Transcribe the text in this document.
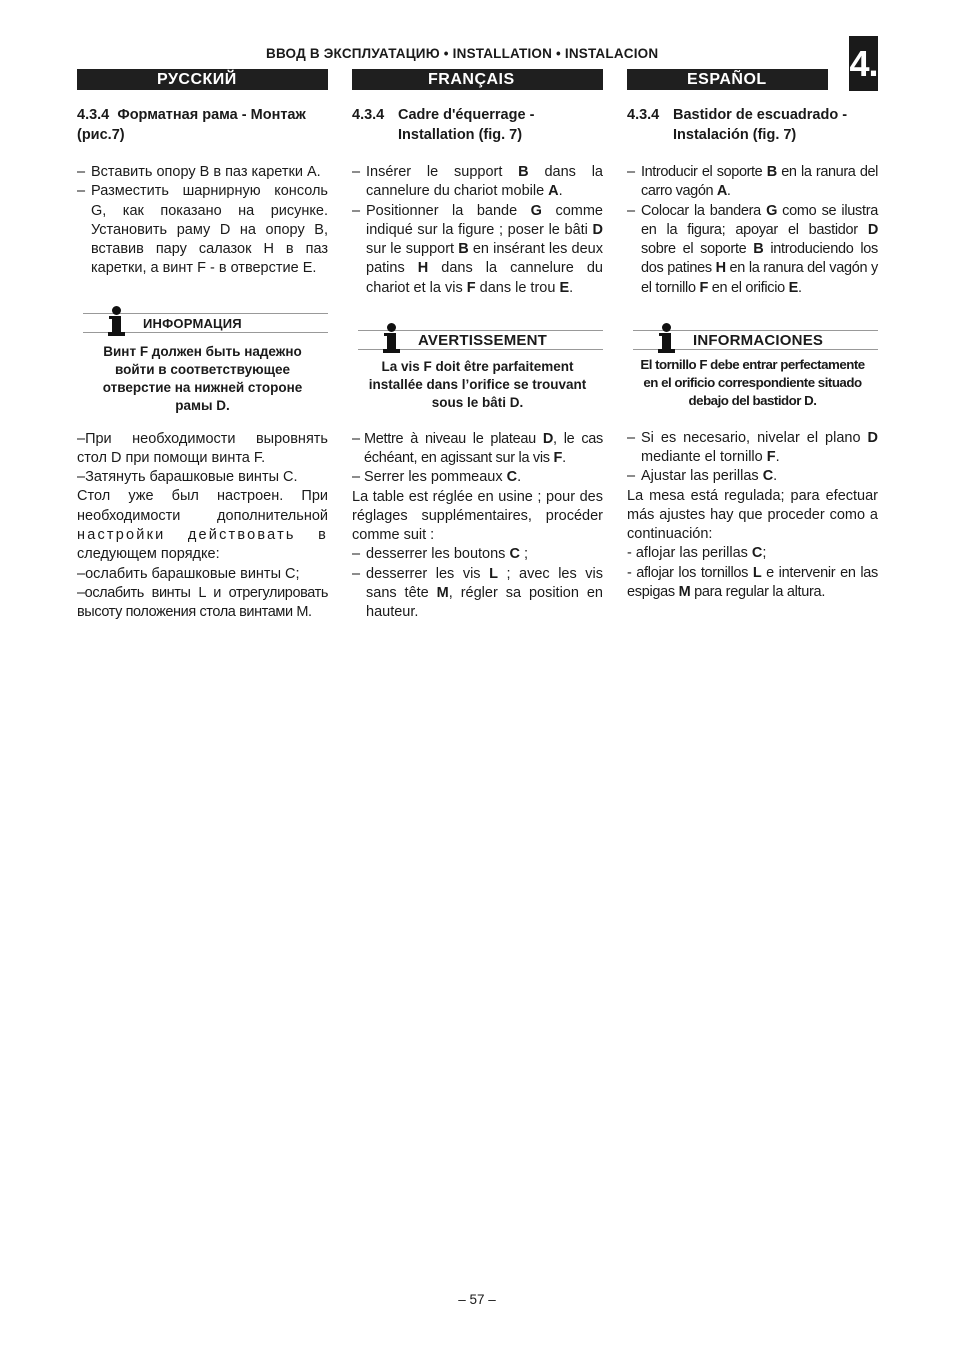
ВВОД В ЭКСПЛУАТАЦИЮ • INSTALLATION • INSTALACION	4.
РУССКИЙ
4.3.4 Форматная рама - Монтаж (рис.7)
– Вставить опору В в паз каретки А.
– Разместить шарнирную консоль G, как показано на рисунке. Установить раму D на опору B, вставив пару салазок Н в паз каретки, а винт F - в отверстие E.
ИНФОРМАЦИЯ
Винт F должен быть надежно войти в соответствующее отверстие на нижней стороне рамы D.
–При необходимости выровнять стол D при помощи винта F.
–Затянуть барашковые винты C.
Стол уже был настроен. При
необходимости дополнительной
настройки действовать в
следующем порядке:
–ослабить барашковые винты C;
–ослабить винты L и отрегулировать высоту положения стола винтами M.
FRANÇAIS
4.3.4 Cadre d'équerrage - Installation (fig. 7)
– Insérer le support B dans la cannelure du chariot mobile A.
– Positionner la bande G comme indiqué sur la figure ; poser le bâti D sur le support B en insérant les deux patins H dans la cannelure du chariot et la vis F dans le trou E.
AVERTISSEMENT
La vis F doit être parfaitement installée dans l’orifice se trouvant sous le bâti D.
– Mettre à niveau le plateau D, le cas échéant, en agissant sur la vis F.
– Serrer les pommeaux C.
La table est réglée en usine ; pour des réglages supplémentaires, procéder comme suit :
– desserrer les boutons C ;
– desserrer les vis L ; avec les vis sans tête M, régler sa position en hauteur.
ESPAÑOL
4.3.4 Bastidor de escuadrado - Instalación (fig. 7)
– Introducir el soporte B en la ranura del carro vagón A.
– Colocar la bandera G como se ilustra en la figura; apoyar el bastidor D sobre el soporte B introduciendo los dos patines H en la ranura del vagón y el tornillo F en el orificio E.
INFORMACIONES
El tornillo F debe entrar perfectamente en el orificio correspondiente situado debajo del bastidor D.
– Si es necesario, nivelar el plano D mediante el tornillo F.
– Ajustar las perillas C.
La mesa está regulada; para efectuar más ajustes hay que proceder como a continuación:
- aflojar las perillas C;
- aflojar los tornillos L e intervenir en las espigas M para regular la altura.
– 57 –
